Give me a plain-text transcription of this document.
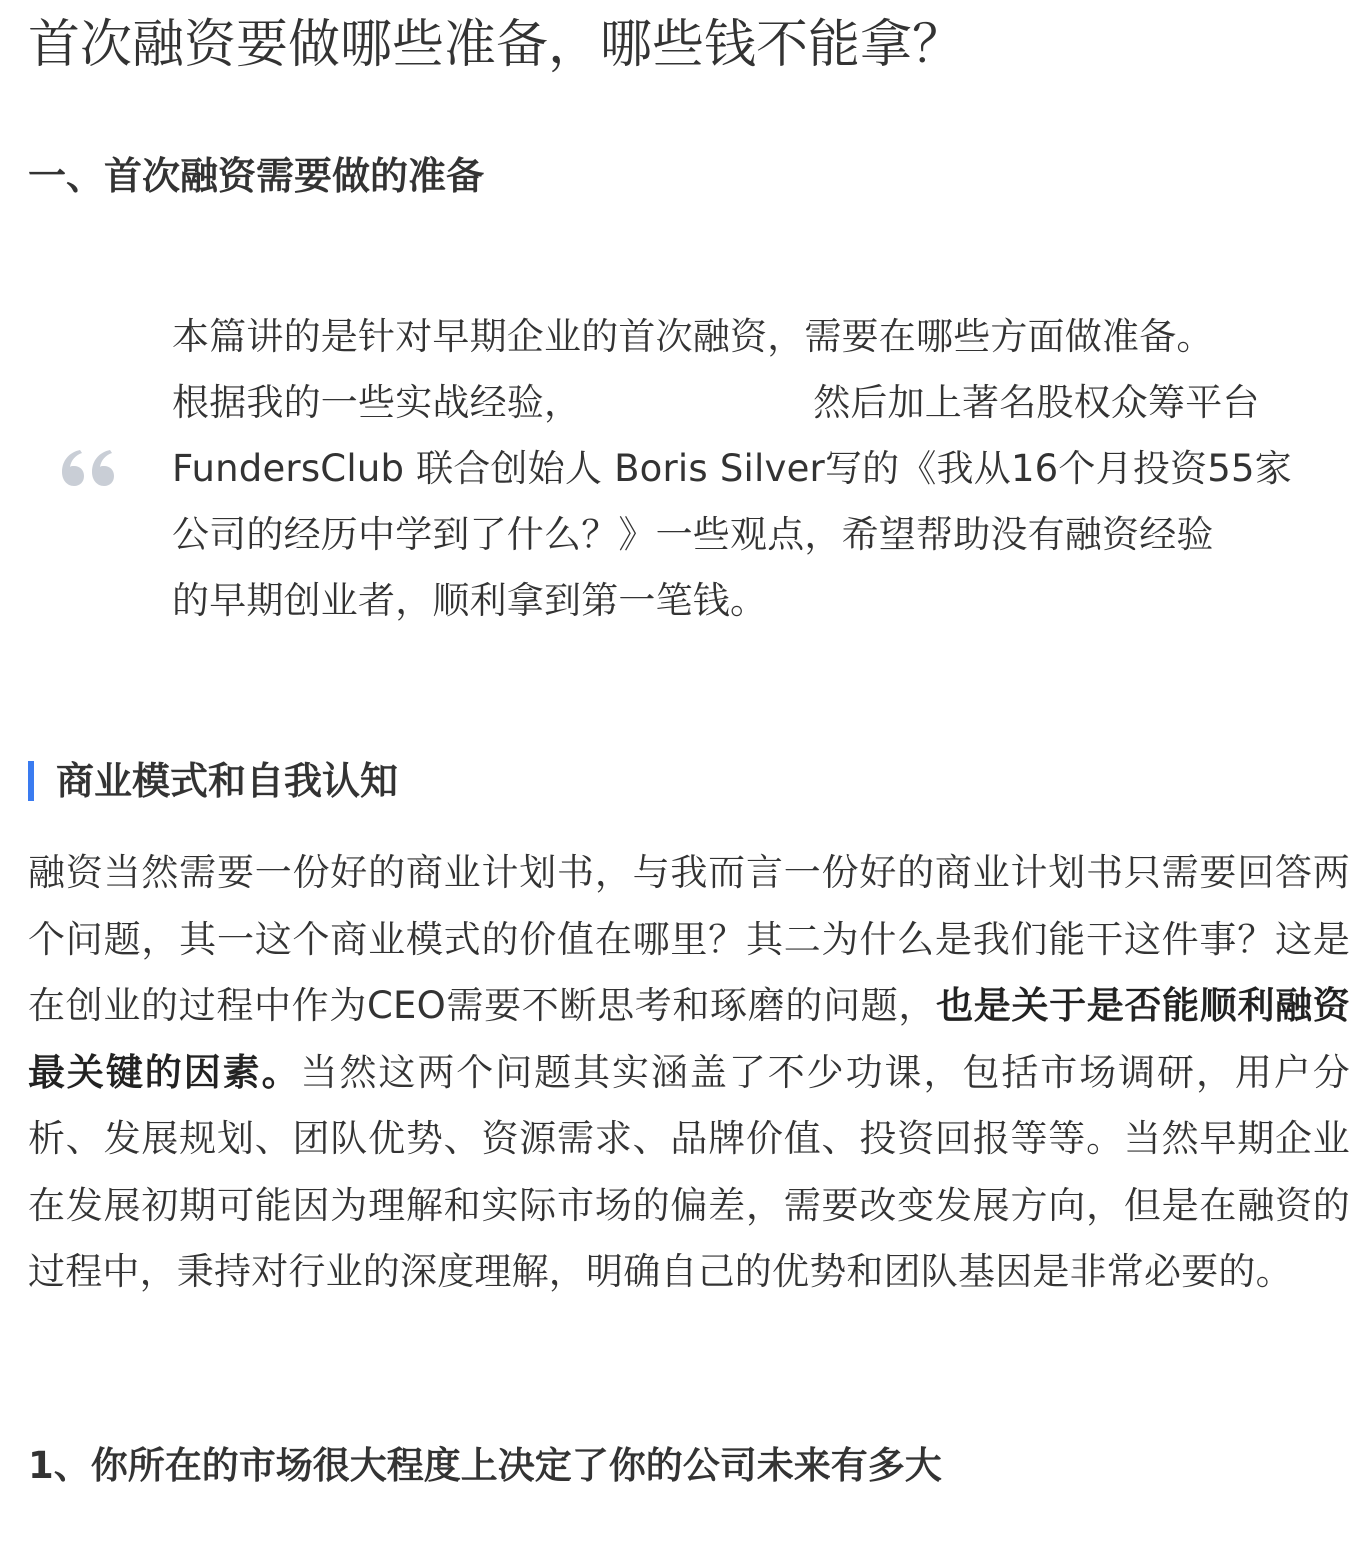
首次融资要做哪些准备，哪些钱不能拿？
一、首次融资需要做的准备

本篇讲的是针对早期企业的首次融资，需要在哪些方面做准备。
根据我的一些实战经验，	然后加上著名股权众筹平台
FundersClub 联合创始人 Boris Silver写的《我从16个月投资55家
公司的经历中学到了什么？》一些观点，希望帮助没有融资经验
的早期创业者，顺利拿到第一笔钱。

商业模式和自我认知

融资当然需要一份好的商业计划书，与我而言一份好的商业计划书只需要回答两个问题，其一这个商业模式的价值在哪里？其二为什么是我们能干这件事？这是在创业的过程中作为CEO需要不断思考和琢磨的问题，也是关于是否能顺利融资最关键的因素。当然这两个问题其实涵盖了不少功课，包括市场调研，用户分析、发展规划、团队优势、资源需求、品牌价值、投资回报等等。当然早期企业在发展初期可能因为理解和实际市场的偏差，需要改变发展方向，但是在融资的过程中，秉持对行业的深度理解，明确自己的优势和团队基因是非常必要的。

1、你所在的市场很大程度上决定了你的公司未来有多大
